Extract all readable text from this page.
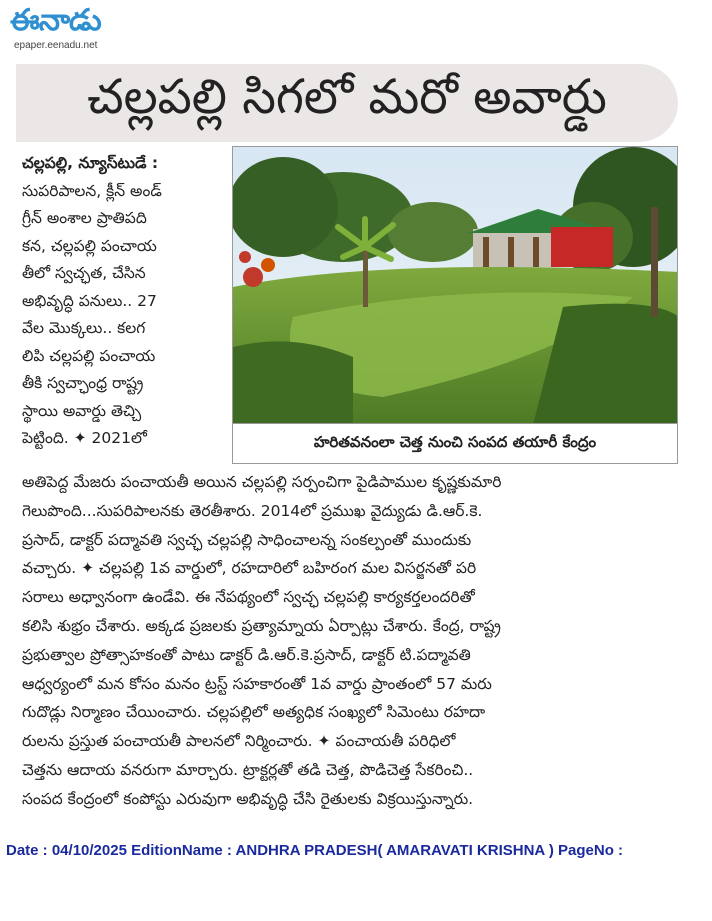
ఈనాడు
epaper.eenadu.net
చల్లపల్లి సిగలో మరో అవార్డు
చల్లపల్లి, న్యూస్‌టుడే :
సుపరిపాలన, క్లీన్ అండ్
గ్రీన్ అంశాల ప్రాతిపది
కన, చల్లపల్లి పంచాయ
తీలో స్వచ్ఛత, చేసిన
అభివృద్ధి పనులు.. 27
వేల మొక్కలు.. కలగ
లిపి చల్లపల్లి పంచాయ
తీకి స్వచ్ఛాంధ్ర రాష్ట్ర
స్థాయి అవార్డు తెచ్చి
పెట్టింది. ✦ 2021లో	హరితవనంలా చెత్త నుంచి సంపద తయారీ కేంద్రం
అతిపెద్ద మేజరు పంచాయతీ అయిన చల్లపల్లి సర్పంచిగా పైడిపాముల కృష్ణకుమారి
గెలుపొంది...సుపరిపాలనకు తెరతీశారు. 2014లో ప్రముఖ వైద్యుడు డి.ఆర్.కె.
ప్రసాద్, డాక్టర్ పద్మావతి స్వచ్ఛ చల్లపల్లి సాధించాలన్న సంకల్పంతో ముందుకు
వచ్చారు. ✦ చల్లపల్లి 1వ వార్డులో, రహదారిలో బహిరంగ మల విసర్జనతో పరి
సరాలు అధ్వానంగా ఉండేవి. ఈ నేపథ్యంలో స్వచ్ఛ చల్లపల్లి కార్యకర్తలందరితో
కలిసి శుభ్రం చేశారు. అక్కడ ప్రజలకు ప్రత్యామ్నాయ ఏర్పాట్లు చేశారు. కేంద్ర, రాష్ట్ర
ప్రభుత్వాల ప్రోత్సాహకంతో పాటు డాక్టర్ డి.ఆర్.కె.ప్రసాద్, డాక్టర్ టి.పద్మావతి
ఆధ్వర్యంలో మన కోసం మనం ట్రస్ట్ సహకారంతో 1వ వార్డు ప్రాంతంలో 57 మరు
గుదొడ్లు నిర్మాణం చేయించారు. చల్లపల్లిలో అత్యధిక సంఖ్యలో సిమెంటు రహదా
రులను ప్రస్తుత పంచాయతీ పాలనలో నిర్మించారు. ✦ పంచాయతీ పరిధిలో
చెత్తను ఆదాయ వనరుగా మార్చారు. ట్రాక్టర్లతో తడి చెత్త, పొడిచెత్త సేకరించి..
సంపద కేంద్రంలో కంపోస్టు ఎరువుగా అభివృద్ధి చేసి రైతులకు విక్రయిస్తున్నారు.
Date : 04/10/2025 EditionName : ANDHRA PRADESH( AMARAVATI KRISHNA ) PageNo :
